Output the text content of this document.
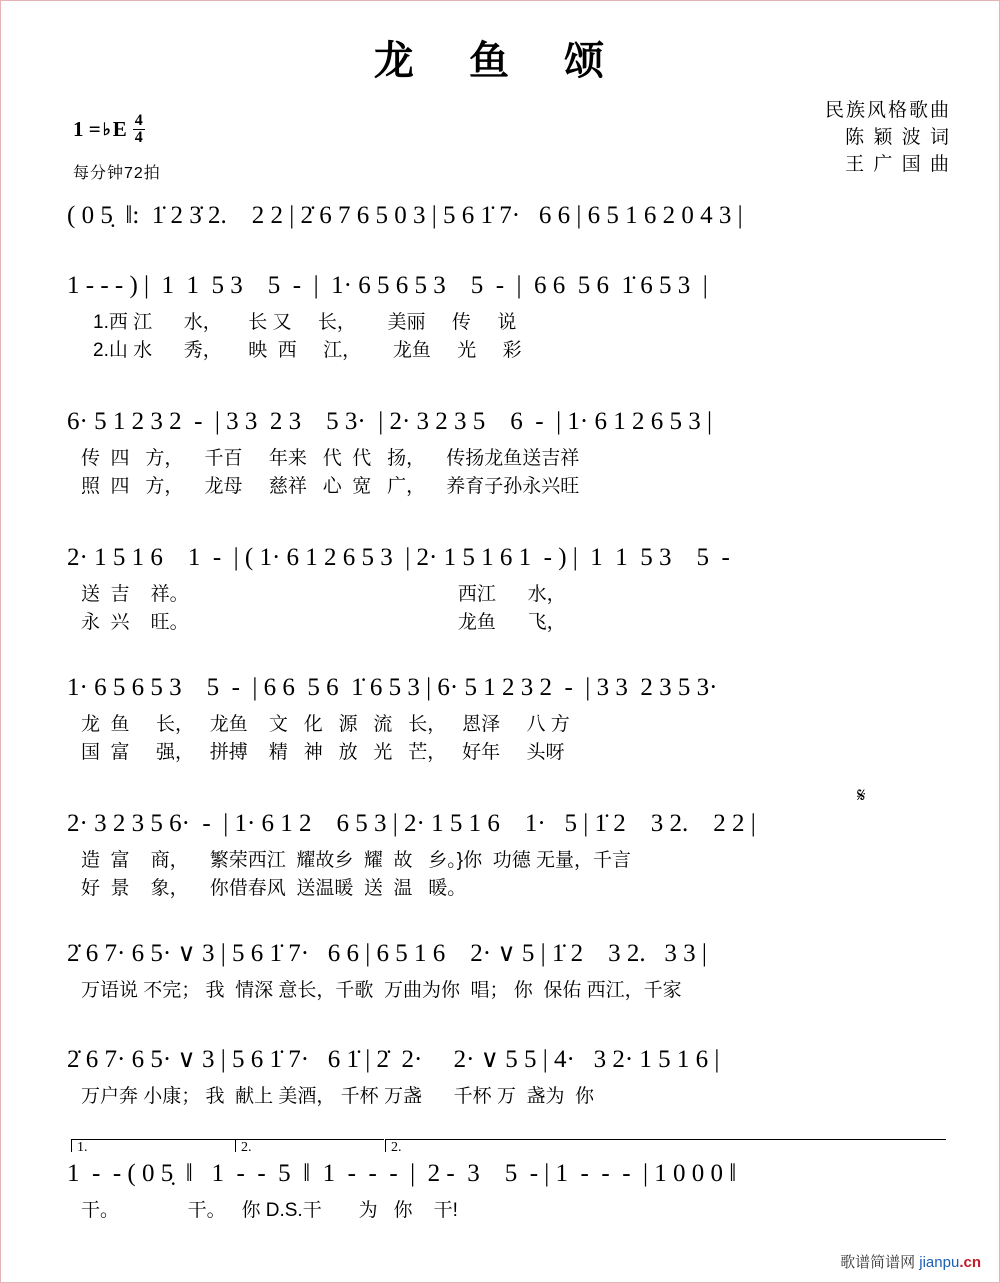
龙 鱼 颂
民族风格歌曲
陈 颖 波 词
王 广 国 曲
1 = ♭ E $\frac{4}{4}$
每分钟72拍
( 0 5̣  ‖:  1̇ 2 3̇ 2.    2 2 | 2̇ 6 7 6 5 0 3 | 5 6 1̇ 7·   6 6 | 6 5 1 6 2 0 4 3 |
1 - - - ) |  1  1  5 3    5  -  |  1· 6 5 6 5 3    5  -  |  6 6  5 6  1̇ 6 5 3  |
1.西 江      水，     长 又     长，      美丽     传     说
2.山 水      秀，     映  西     江，      龙鱼     光     彩
6· 5 1 2 3 2  -  | 3 3  2 3    5 3·  | 2· 3 2 3 5    6  -  | 1· 6 1 2 6 5 3 |
传  四   方，    千百     年来   代  代   扬，    传扬龙鱼送吉祥
照  四   方，    龙母     慈祥   心  宽   广，    养育子孙永兴旺
2· 1 5 1 6    1  -  | ( 1· 6 1 2 6 5 3  | 2· 1 5 1 6 1  - ) |  1  1  5 3    5  -
送  吉    祥。                                                   西江      水，
永  兴    旺。                                                   龙鱼      飞，
1· 6 5 6 5 3    5  -  | 6 6  5 6  1̇ 6 5 3 | 6· 5 1 2 3 2  -  | 3 3  2 3 5 3·
龙  鱼     长，   龙鱼    文   化   源   流   长，   恩泽     八 方
国  富     强，   拼搏    精   神   放   光   芒，   好年     头呀
2· 3 2 3 5 6·  -  | 1· 6 1 2    6 5 3 | 2· 1 5 1 6    1·   5 | 1̇ 2    3 2.    2 2 |
造  富    商，    繁荣西江  耀故乡  耀  故   乡。}你  功德 无量，千言
好  景    象，    你借春风  送温暖  送  温   暖。
𝄋
2̇ 6 7· 6 5· ∨ 3 | 5 6 1̇ 7·   6 6 | 6 5 1 6    2· ∨ 5 | 1̇ 2    3 2.   3 3 |
万语说 不完； 我  情深 意长，千歌  万曲为你  唱； 你  保佑 西江，千家
2̇ 6 7· 6 5· ∨ 3 | 5 6 1̇ 7·   6 1̇ | 2̇  2·     2· ∨ 5 5 | 4·   3 2· 1 5 1 6 |
万户奔 小康； 我  献上 美酒， 千杯 万盏      千杯 万  盏为  你
1.	2.	2.
1  -  - ( 0 5̣  ‖   1  -  -  5  ‖  1  -  -  -  |  2 -  3    5  - | 1  -  -  -  | 1 0 0 0 ‖
干。             干。   你 D.S.干       为   你    干!
歌谱简谱网 jianpu.cn
